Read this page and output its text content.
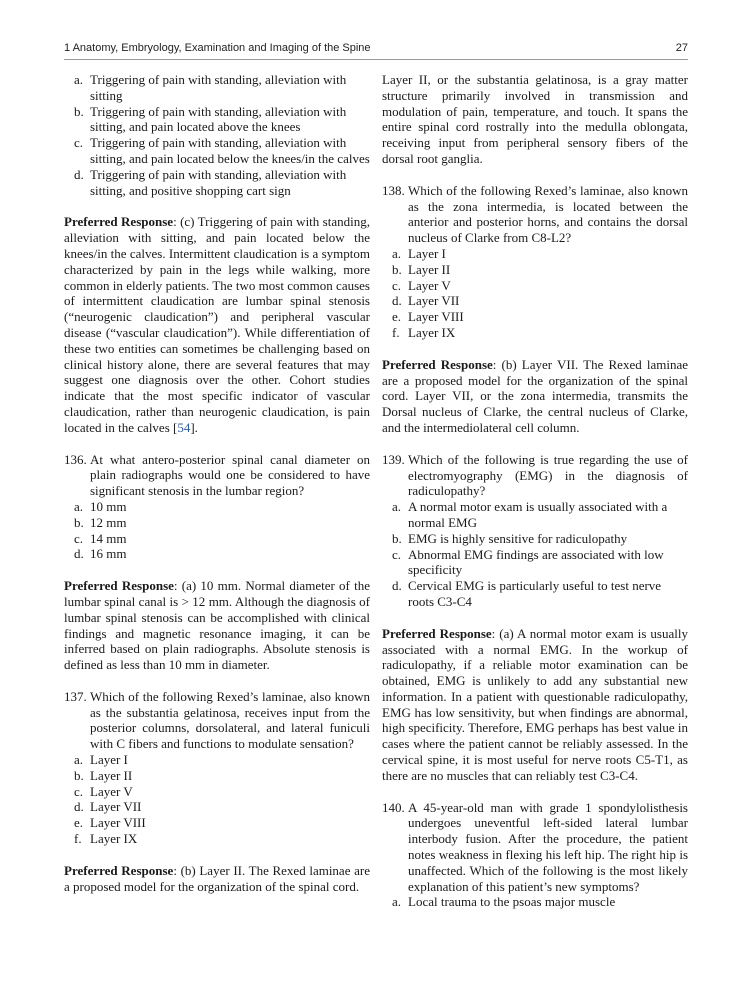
1 Anatomy, Embryology, Examination and Imaging of the Spine	27
a. Triggering of pain with standing, alleviation with sitting
b. Triggering of pain with standing, alleviation with sitting, and pain located above the knees
c. Triggering of pain with standing, alleviation with sitting, and pain located below the knees/in the calves
d. Triggering of pain with standing, alleviation with sitting, and positive shopping cart sign

Preferred Response: (c) Triggering of pain with standing, alleviation with sitting, and pain located below the knees/in the calves. Intermittent claudication is a symptom characterized by pain in the legs while walking, more common in elderly patients. The two most common causes of intermittent claudication are lumbar spinal stenosis (“neurogenic claudication”) and peripheral vascular disease (“vascular claudication”). While differentiation of these two entities can sometimes be challenging based on clinical history alone, there are several features that may suggest one diagnosis over the other. Cohort studies indicate that the most specific indicator of vascular claudication, rather than neurogenic claudication, is pain located in the calves [54].

136. At what antero-posterior spinal canal diameter on plain radiographs would one be considered to have significant stenosis in the lumbar region?
a. 10 mm
b. 12 mm
c. 14 mm
d. 16 mm

Preferred Response: (a) 10 mm. Normal diameter of the lumbar spinal canal is > 12 mm. Although the diagnosis of lumbar spinal stenosis can be accomplished with clinical findings and magnetic resonance imaging, it can be inferred based on plain radiographs. Absolute stenosis is defined as less than 10 mm in diameter.

137. Which of the following Rexed’s laminae, also known as the substantia gelatinosa, receives input from the posterior columns, dorsolateral, and lateral funiculi with C fibers and functions to modulate sensation?
a. Layer I
b. Layer II
c. Layer V
d. Layer VII
e. Layer VIII
f. Layer IX

Preferred Response: (b) Layer II. The Rexed laminae are a proposed model for the organization of the spinal cord.

Layer II, or the substantia gelatinosa, is a gray matter structure primarily involved in transmission and modulation of pain, temperature, and touch. It spans the entire spinal cord rostrally into the medulla oblongata, receiving input from peripheral sensory fibers of the dorsal root ganglia.

138. Which of the following Rexed’s laminae, also known as the zona intermedia, is located between the anterior and posterior horns, and contains the dorsal nucleus of Clarke from C8-L2?
a. Layer I
b. Layer II
c. Layer V
d. Layer VII
e. Layer VIII
f. Layer IX

Preferred Response: (b) Layer VII. The Rexed laminae are a proposed model for the organization of the spinal cord. Layer VII, or the zona intermedia, transmits the Dorsal nucleus of Clarke, the central nucleus of Clarke, and the intermediolateral cell column.

139. Which of the following is true regarding the use of electromyography (EMG) in the diagnosis of radiculopathy?
a. A normal motor exam is usually associated with a normal EMG
b. EMG is highly sensitive for radiculopathy
c. Abnormal EMG findings are associated with low specificity
d. Cervical EMG is particularly useful to test nerve roots C3-C4

Preferred Response: (a) A normal motor exam is usually associated with a normal EMG. In the workup of radiculopathy, if a reliable motor examination can be obtained, EMG is unlikely to add any substantial new information. In a patient with questionable radiculopathy, EMG has low sensitivity, but when findings are abnormal, high specificity. Therefore, EMG perhaps has best value in cases where the patient cannot be reliably assessed. In the cervical spine, it is most useful for nerve roots C5-T1, as there are no muscles that can reliably test C3-C4.

140. A 45-year-old man with grade 1 spondylolisthesis undergoes uneventful left-sided lateral lumbar interbody fusion. After the procedure, the patient notes weakness in flexing his left hip. The right hip is unaffected. Which of the following is the most likely explanation of this patient’s new symptoms?
a. Local trauma to the psoas major muscle
